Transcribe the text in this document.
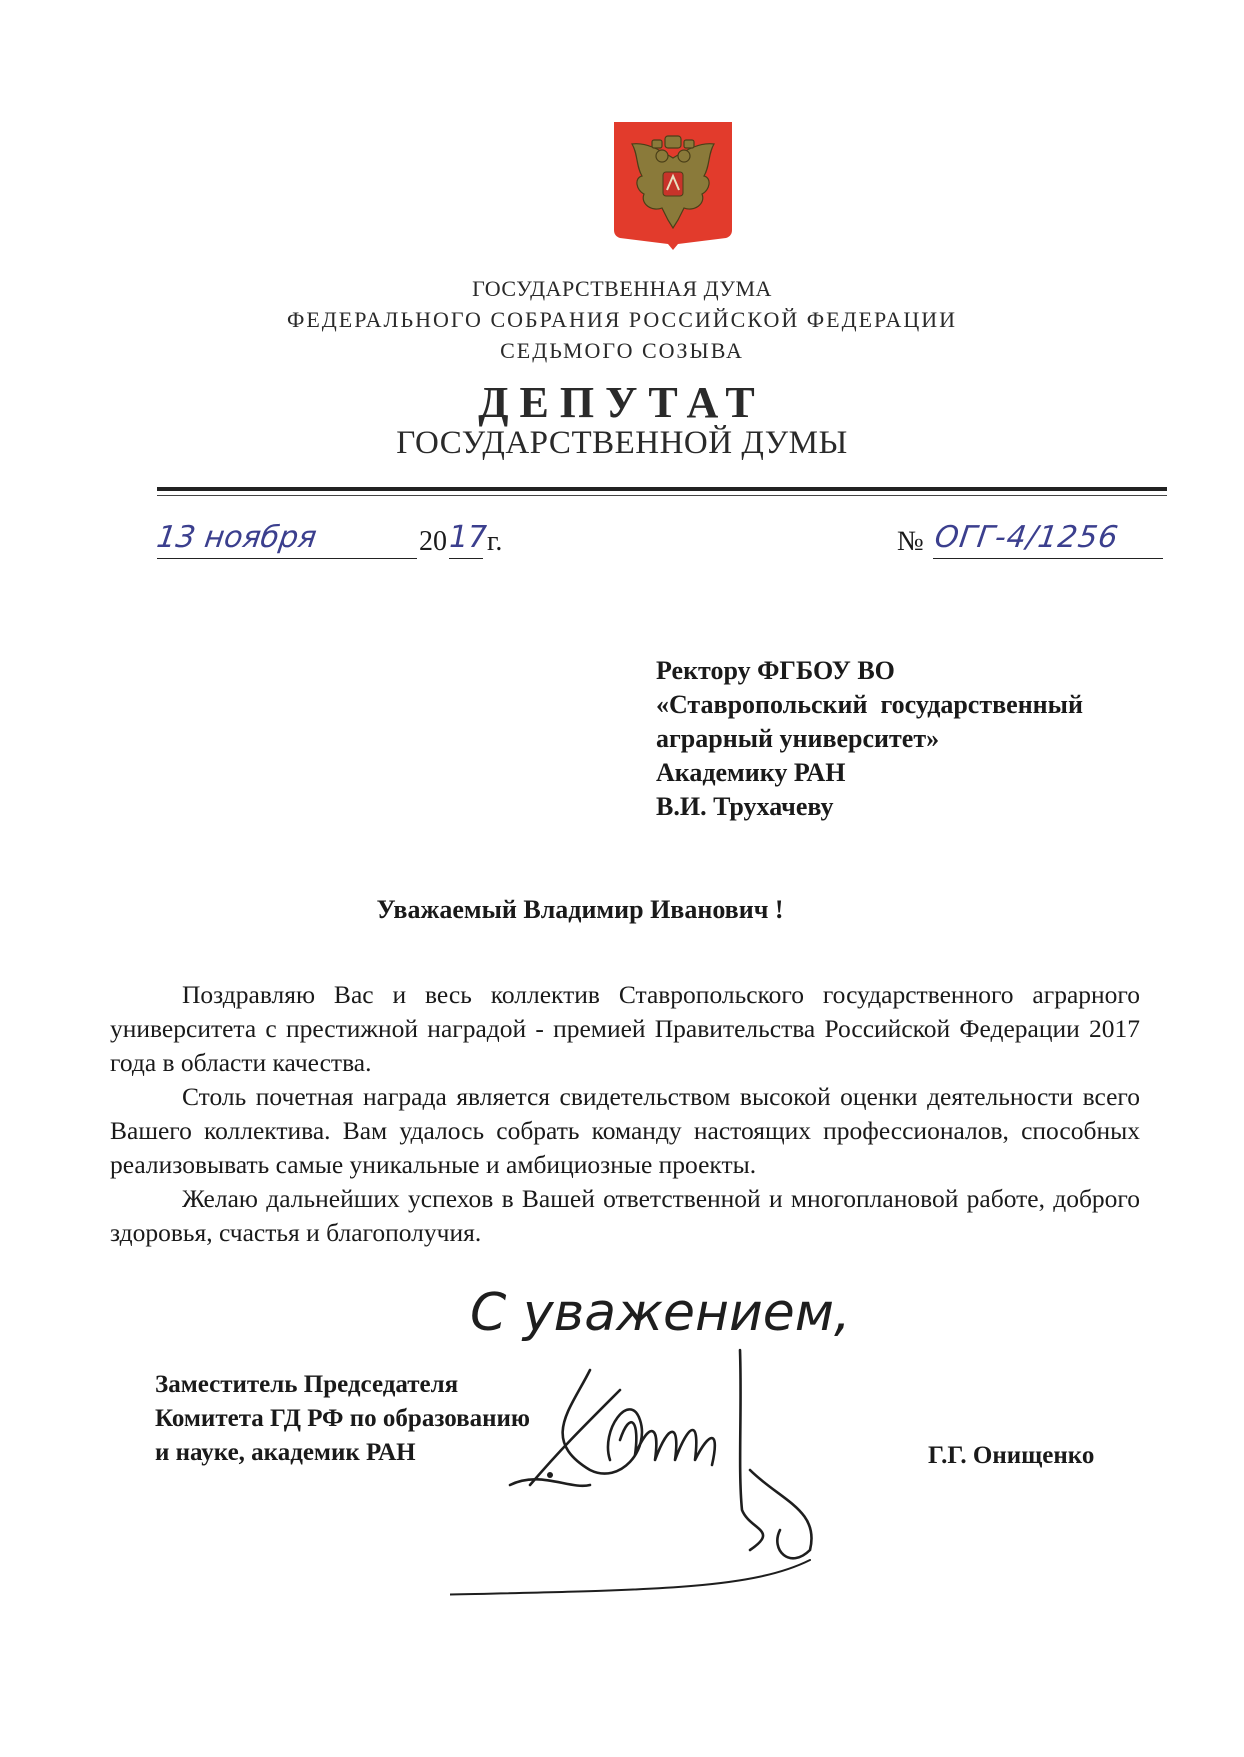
ГОСУДАРСТВЕННАЯ ДУМА
ФЕДЕРАЛЬНОГО СОБРАНИЯ РОССИЙСКОЙ ФЕДЕРАЦИИ
СЕДЬМОГО СОЗЫВА
ДЕПУТАТ
ГОСУДАРСТВЕННОЙ ДУМЫ
13 ноября	20 17 г.	№ ОГГ-4/1256
Ректору ФГБОУ ВО
«Ставропольский  государственный
аграрный университет»
Академику РАН
В.И. Трухачеву
Уважаемый Владимир Иванович !

Поздравляю Вас и весь коллектив Ставропольского государственного аграрного университета с престижной наградой - премией Правительства Российской Федерации 2017 года в области качества.

Столь почетная награда является свидетельством высокой оценки деятельности всего Вашего коллектива. Вам удалось собрать команду настоящих профессионалов, способных реализовывать самые уникальные и амбициозные проекты.

Желаю дальнейших успехов в Вашей ответственной и многоплановой работе, доброго здоровья, счастья и благополучия.

С уважением,
Заместитель Председателя
Комитета ГД РФ по образованию
и науке, академик РАН	Г.Г. Онищенко
